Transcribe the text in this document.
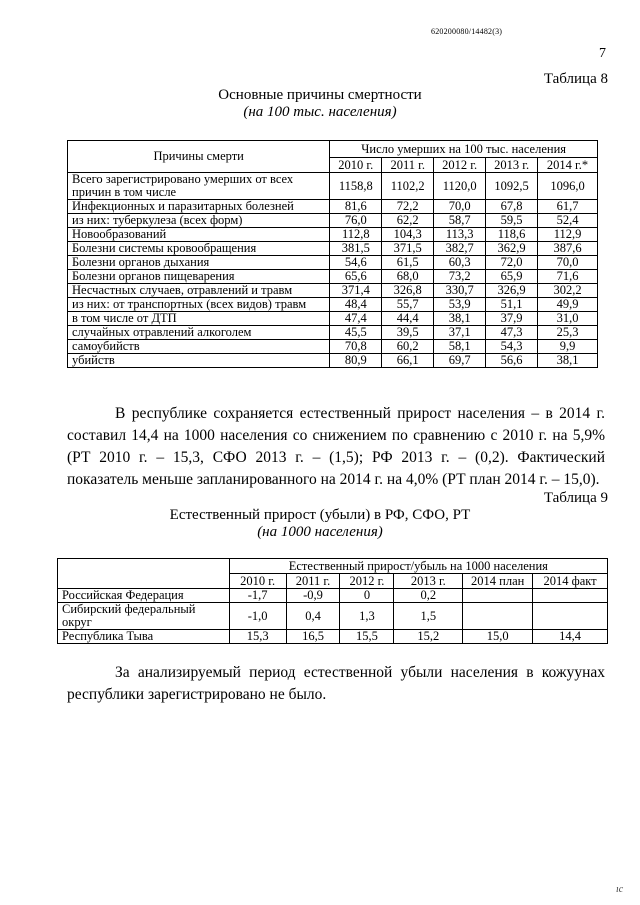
620200080/14482(3)
7
Таблица 8
Основные причины смертности
(на 100 тыс. населения)
Причины смерти	Число умерших на 100 тыс. населения				
	2010 г.	2011 г.	2012 г.	2013 г.	2014 г.*
Всего зарегистрировано умерших от всех причин в том числе	1158,8	1102,2	1120,0	1092,5	1096,0
Инфекционных и паразитарных болезней	81,6	72,2	70,0	67,8	61,7
из них: туберкулеза (всех форм)	76,0	62,2	58,7	59,5	52,4
Новообразований	112,8	104,3	113,3	118,6	112,9
Болезни системы кровообращения	381,5	371,5	382,7	362,9	387,6
Болезни органов дыхания	54,6	61,5	60,3	72,0	70,0
Болезни органов пищеварения	65,6	68,0	73,2	65,9	71,6
Несчастных случаев, отравлений и травм	371,4	326,8	330,7	326,9	302,2
из них: от транспортных (всех видов) травм	48,4	55,7	53,9	51,1	49,9
в том числе от ДТП	47,4	44,4	38,1	37,9	31,0
случайных отравлений алкоголем	45,5	39,5	37,1	47,3	25,3
самоубийств	70,8	60,2	58,1	54,3	9,9
убийств	80,9	66,1	69,7	56,6	38,1

В республике сохраняется естественный прирост населения – в 2014 г. составил 14,4 на 1000 населения со снижением по сравнению с 2010 г. на 5,9% (РТ 2010 г. – 15,3, СФО 2013 г. – (1,5); РФ 2013 г. – (0,2). Фактический показатель меньше запланированного на 2014 г. на 4,0% (РТ план 2014 г. – 15,0).

Таблица 9
Естественный прирост (убыли) в РФ, СФО, РТ
(на 1000 населения)
	Естественный прирост/убыль на 1000 населения					
	2010 г.	2011 г.	2012 г.	2013 г.	2014 план	2014 факт
Российская Федерация	-1,7	-0,9	0	0,2		
Сибирский федеральный округ	-1,0	0,4	1,3	1,5		
Республика Тыва	15,3	16,5	15,5	15,2	15,0	14,4

За анализируемый период естественной убыли населения в кожуунах республики зарегистрировано не было.

ıc
